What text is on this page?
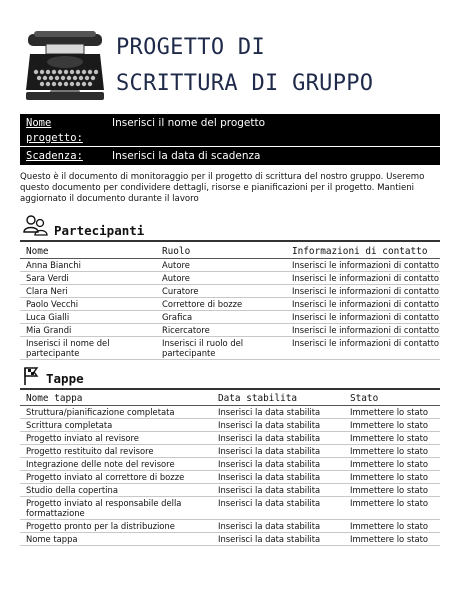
PROGETTO DI
SCRITTURA DI GRUPPO
Nome progetto:
Inserisci il nome del progetto
Scadenza:	Inserisci la data di scadenza
Questo è il documento di monitoraggio per il progetto di scrittura del nostro gruppo. Useremo questo documento per condividere dettagli, risorse e pianificazioni per il progetto. Mantieni aggiornato il documento durante il lavoro
Partecipanti
Nome	Ruolo	Informazioni di contatto
Anna Bianchi	Autore	Inserisci le informazioni di contatto
Sara Verdi	Autore	Inserisci le informazioni di contatto
Clara Neri	Curatore	Inserisci le informazioni di contatto
Paolo Vecchi	Correttore di bozze	Inserisci le informazioni di contatto
Luca Gialli	Grafica	Inserisci le informazioni di contatto
Mia Grandi	Ricercatore	Inserisci le informazioni di contatto
Inserisci il nome del partecipante	Inserisci il ruolo del partecipante	Inserisci le informazioni di contatto
Tappe
Nome tappa	Data stabilita	Stato
Struttura/pianificazione completata	Inserisci la data stabilita	Immettere lo stato
Scrittura completata	Inserisci la data stabilita	Immettere lo stato
Progetto inviato al revisore	Inserisci la data stabilita	Immettere lo stato
Progetto restituito dal revisore	Inserisci la data stabilita	Immettere lo stato
Integrazione delle note del revisore	Inserisci la data stabilita	Immettere lo stato
Progetto inviato al correttore di bozze	Inserisci la data stabilita	Immettere lo stato
Studio della copertina	Inserisci la data stabilita	Immettere lo stato
Progetto inviato al responsabile della formattazione	Inserisci la data stabilita	Immettere lo stato
Progetto pronto per la distribuzione	Inserisci la data stabilita	Immettere lo stato
Nome tappa	Inserisci la data stabilita	Immettere lo stato
